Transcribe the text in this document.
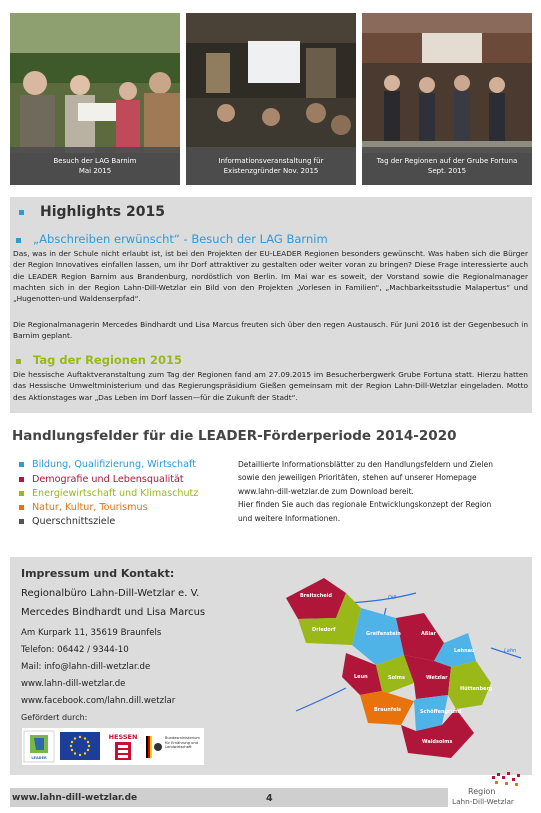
Besuch der LAG Barnim
Mai 2015
Informationsveranstaltung für
Existenzgründer Nov. 2015
Tag der Regionen auf der Grube Fortuna
Sept. 2015
Highlights 2015
„Abschreiben erwünscht“ - Besuch der LAG Barnim
Das, was in der Schule nicht erlaubt ist, ist bei den Projekten der EU-LEADER Regionen besonders gewünscht. Was haben sich die Bürger der Region Innovatives einfallen lassen, um ihr Dorf attraktiver zu gestalten oder weiter voran zu bringen? Diese Frage interessierte auch die LEADER Region Barnim aus Brandenburg, nordöstlich von Berlin. Im Mai war es soweit, der Vorstand sowie die Regionalmanager machten sich in der Region Lahn-Dill-Wetzlar ein Bild von den Projekten „Vorlesen in Familien“, „Machbarkeitsstudie Malapertus“ und „Hugenotten-und Waldenserpfad“.
Die Regionalmanagerin Mercedes Bindhardt und Lisa Marcus freuten sich über den regen Austausch. Für Juni 2016 ist der Gegenbesuch in Barnim geplant.
Tag der Regionen 2015
Die hessische Auftaktveranstaltung zum Tag der Regionen fand am 27.09.2015 im Besucherbergwerk Grube Fortuna statt. Hierzu hatten das Hessische Umweltministerium und das Regierungspräsidium Gießen gemeinsam mit der Region Lahn-Dill-Wetzlar eingeladen. Motto des Aktionstages war „Das Leben im Dorf lassen—für die Zukunft der Stadt“.
Handlungsfelder für die LEADER-Förderperiode 2014-2020
Bildung, Qualifizierung, Wirtschaft
Demografie und Lebensqualität
Energiewirtschaft und Klimaschutz
Natur, Kultur, Tourismus
Querschnittsziele
Detaillierte Informationsblätter zu den Handlungsfeldern und Zielen
sowie den jeweiligen Prioritäten, stehen auf unserer Homepage
www.lahn-dill-wetzlar.de zum Download bereit.
Hier finden Sie auch das regionale Entwicklungskonzept der Region
und weitere Informationen.
Impressum und Kontakt:
Regionalbüro Lahn-Dill-Wetzlar e. V.
Mercedes Bindhardt und Lisa Marcus
Am Kurpark 11, 35619 Braunfels
Telefon: 06442 / 9344-10
Mail: info@lahn-dill-wetzlar.de
www.lahn-dill-wetzlar.de
www.facebook.com/lahn.dill.wetzlar
Gefördert durch:
LEADER
HESSEN	Bundesministerium für Ernährung und Landwirtschaft
Breitscheid
Driedorf
Greifenstein	Aßlar
Lahnau
Leun	Solms	Wetzlar
Braunfels	Schöffengrund
Hüttenberg
Waldsolms
Dill
Lahn
www.lahn-dill-wetzlar.de	4
Region
Lahn-Dill-Wetzlar
